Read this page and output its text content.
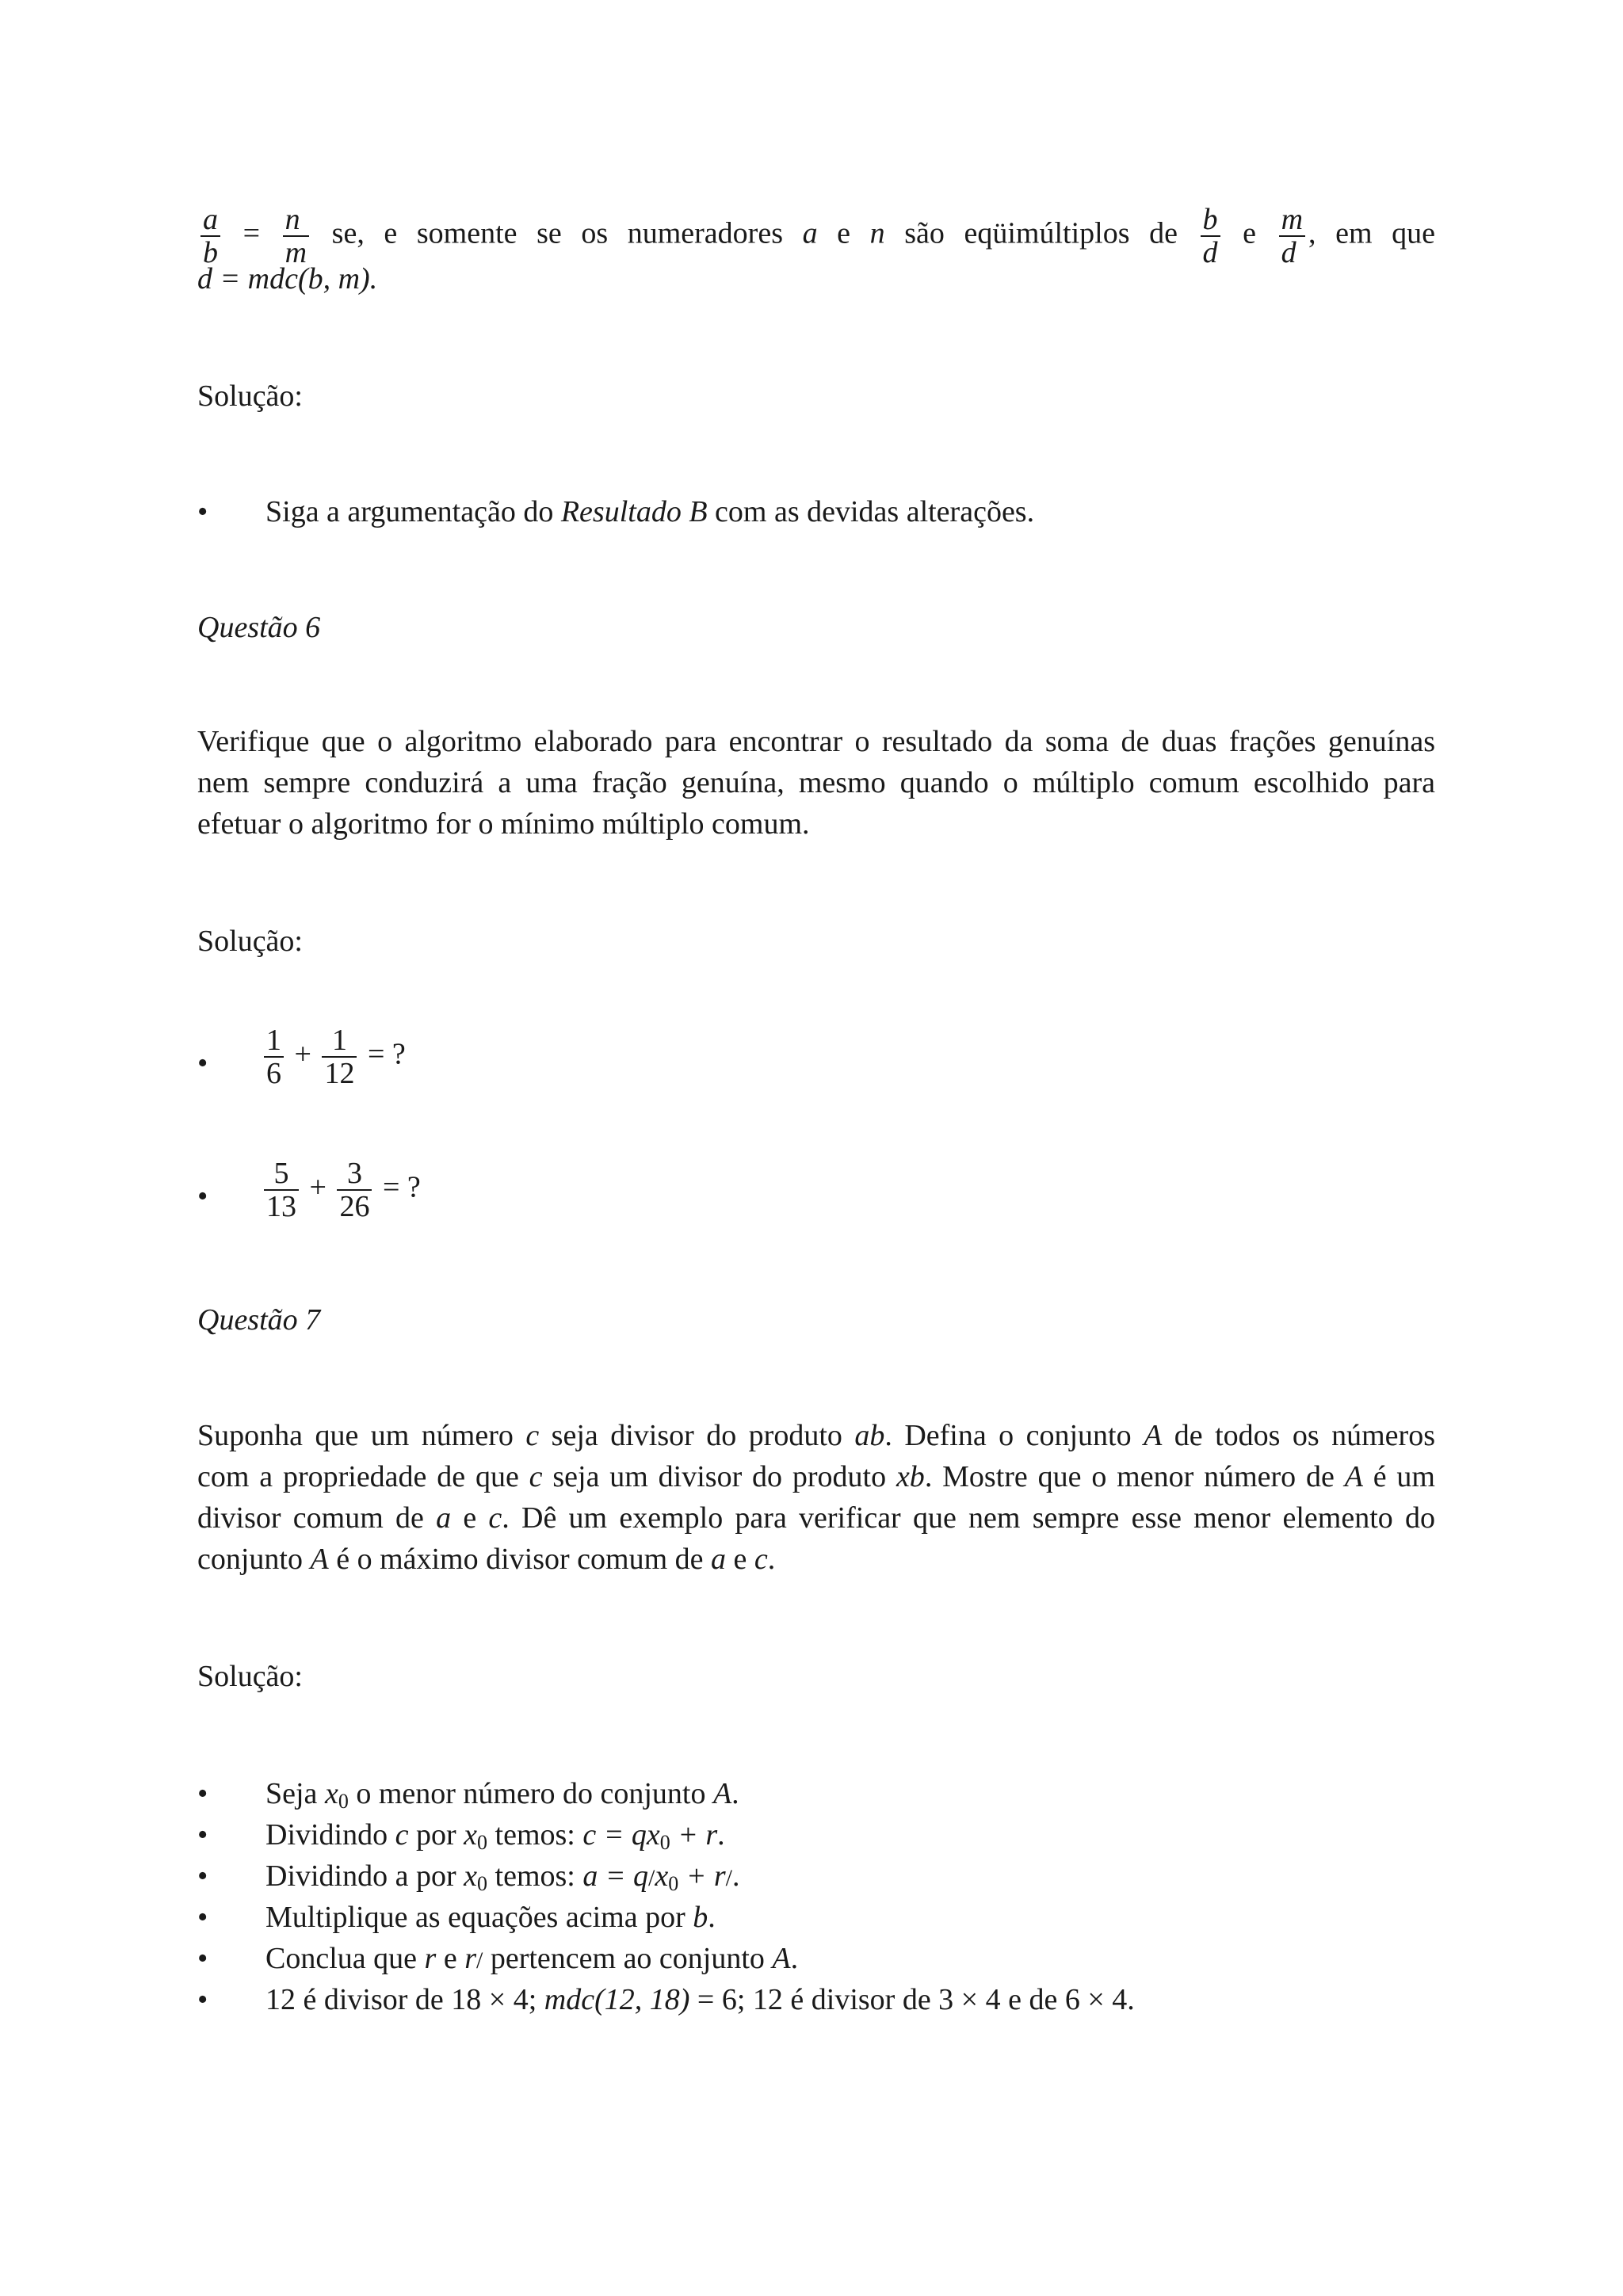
$\frac{a}{b} = \frac{n}{m}$ se, e somente se os numeradores a e n são eqüimúltiplos de $\frac{b}{d}$ e $\frac{m}{d}$ , em que
d = mdc(b, m).
Solução:
• Siga a argumentação do Resultado B com as devidas alterações.
Questão 6
Verifique que o algoritmo elaborado para encontrar o resultado da soma de duas frações genuínas
nem sempre conduzirá a uma fração genuína, mesmo quando o múltiplo comum escolhido para
efetuar o algoritmo for o mínimo múltiplo comum.
Solução:
• $\frac{1}{6} + \frac{1}{12}$ = ?
• $\frac{5}{13} + \frac{3}{26}$ = ?
Questão 7
Suponha que um número c seja divisor do produto ab. Defina o conjunto A de todos os números
com a propriedade de que c seja um divisor do produto xb. Mostre que o menor número de A é um
divisor comum de a e c. Dê um exemplo para verificar que nem sempre esse menor elemento do
conjunto A é o máximo divisor comum de a e c.
Solução:
• Seja $x_0$ o menor número do conjunto A.
• Dividindo c por $x_0$ temos: $c = qx_0 + r$.
• Dividindo a por $x_0$ temos: $a = q/x_0 + r/$.
• Multiplique as equações acima por b.
• Conclua que r e r/ pertencem ao conjunto A.
• 12 é divisor de 18 × 4; mdc(12, 18) = 6; 12 é divisor de 3 × 4 e de 6 × 4.
